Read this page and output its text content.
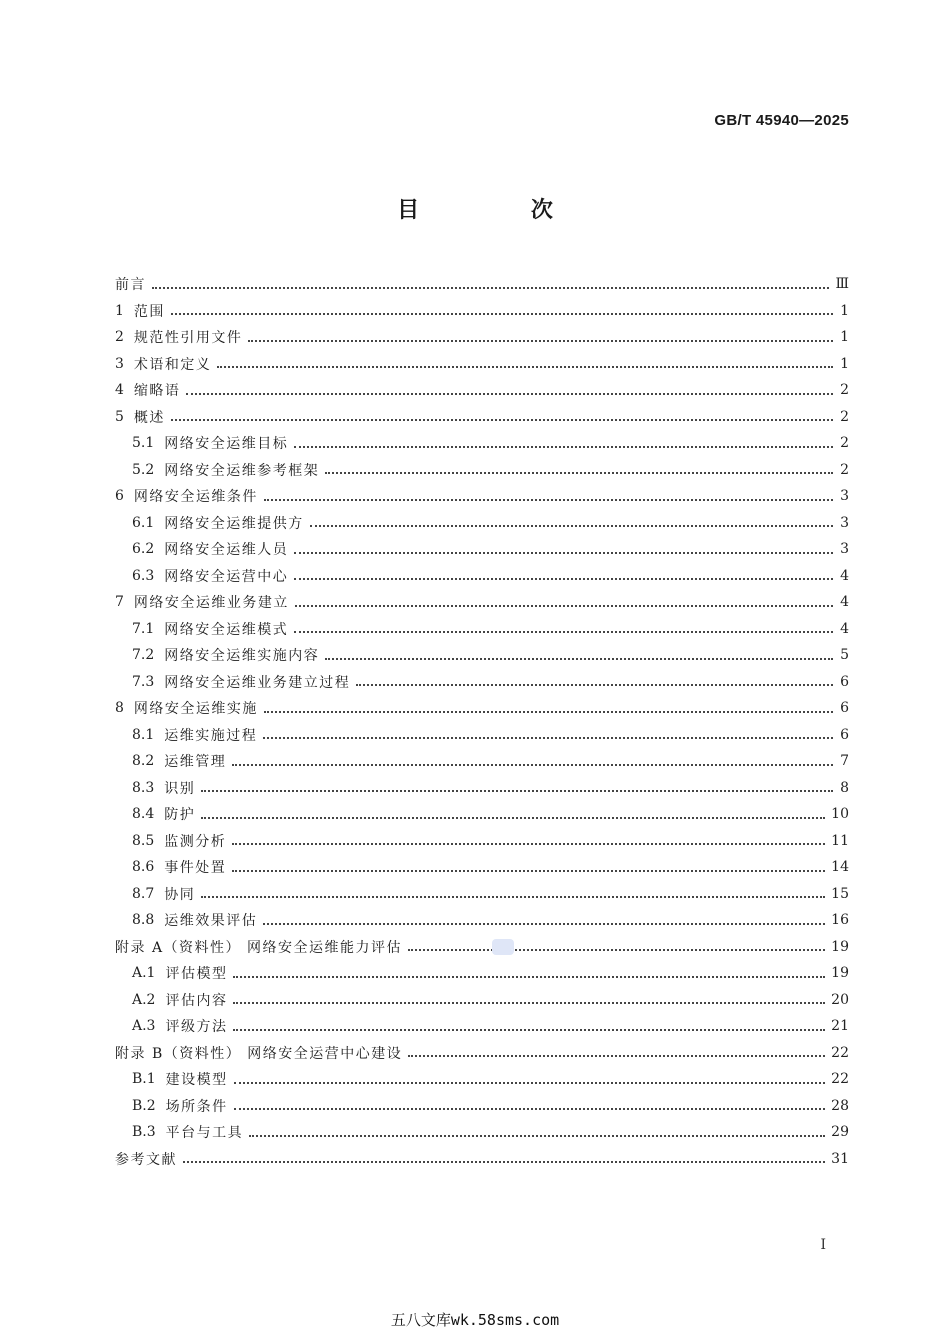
GB/T 45940—2025
目 次
前言	Ⅲ
1 范围	1
2 规范性引用文件	1
3 术语和定义	1
4 缩略语	2
5 概述	2
5.1 网络安全运维目标	2
5.2 网络安全运维参考框架	2
6 网络安全运维条件	3
6.1 网络安全运维提供方	3
6.2 网络安全运维人员	3
6.3 网络安全运营中心	4
7 网络安全运维业务建立	4
7.1 网络安全运维模式	4
7.2 网络安全运维实施内容	5
7.3 网络安全运维业务建立过程	6
8 网络安全运维实施	6
8.1 运维实施过程	6
8.2 运维管理	7
8.3 识别	8
8.4 防护	10
8.5 监测分析	11
8.6 事件处置	14
8.7 协同	15
8.8 运维效果评估	16
附录 A（资料性） 网络安全运维能力评估	19
A.1 评估模型	19
A.2 评估内容	20
A.3 评级方法	21
附录 B（资料性） 网络安全运营中心建设	22
B.1 建设模型	22
B.2 场所条件	28
B.3 平台与工具	29
参考文献	31
I
五八文库wk.58sms.com
